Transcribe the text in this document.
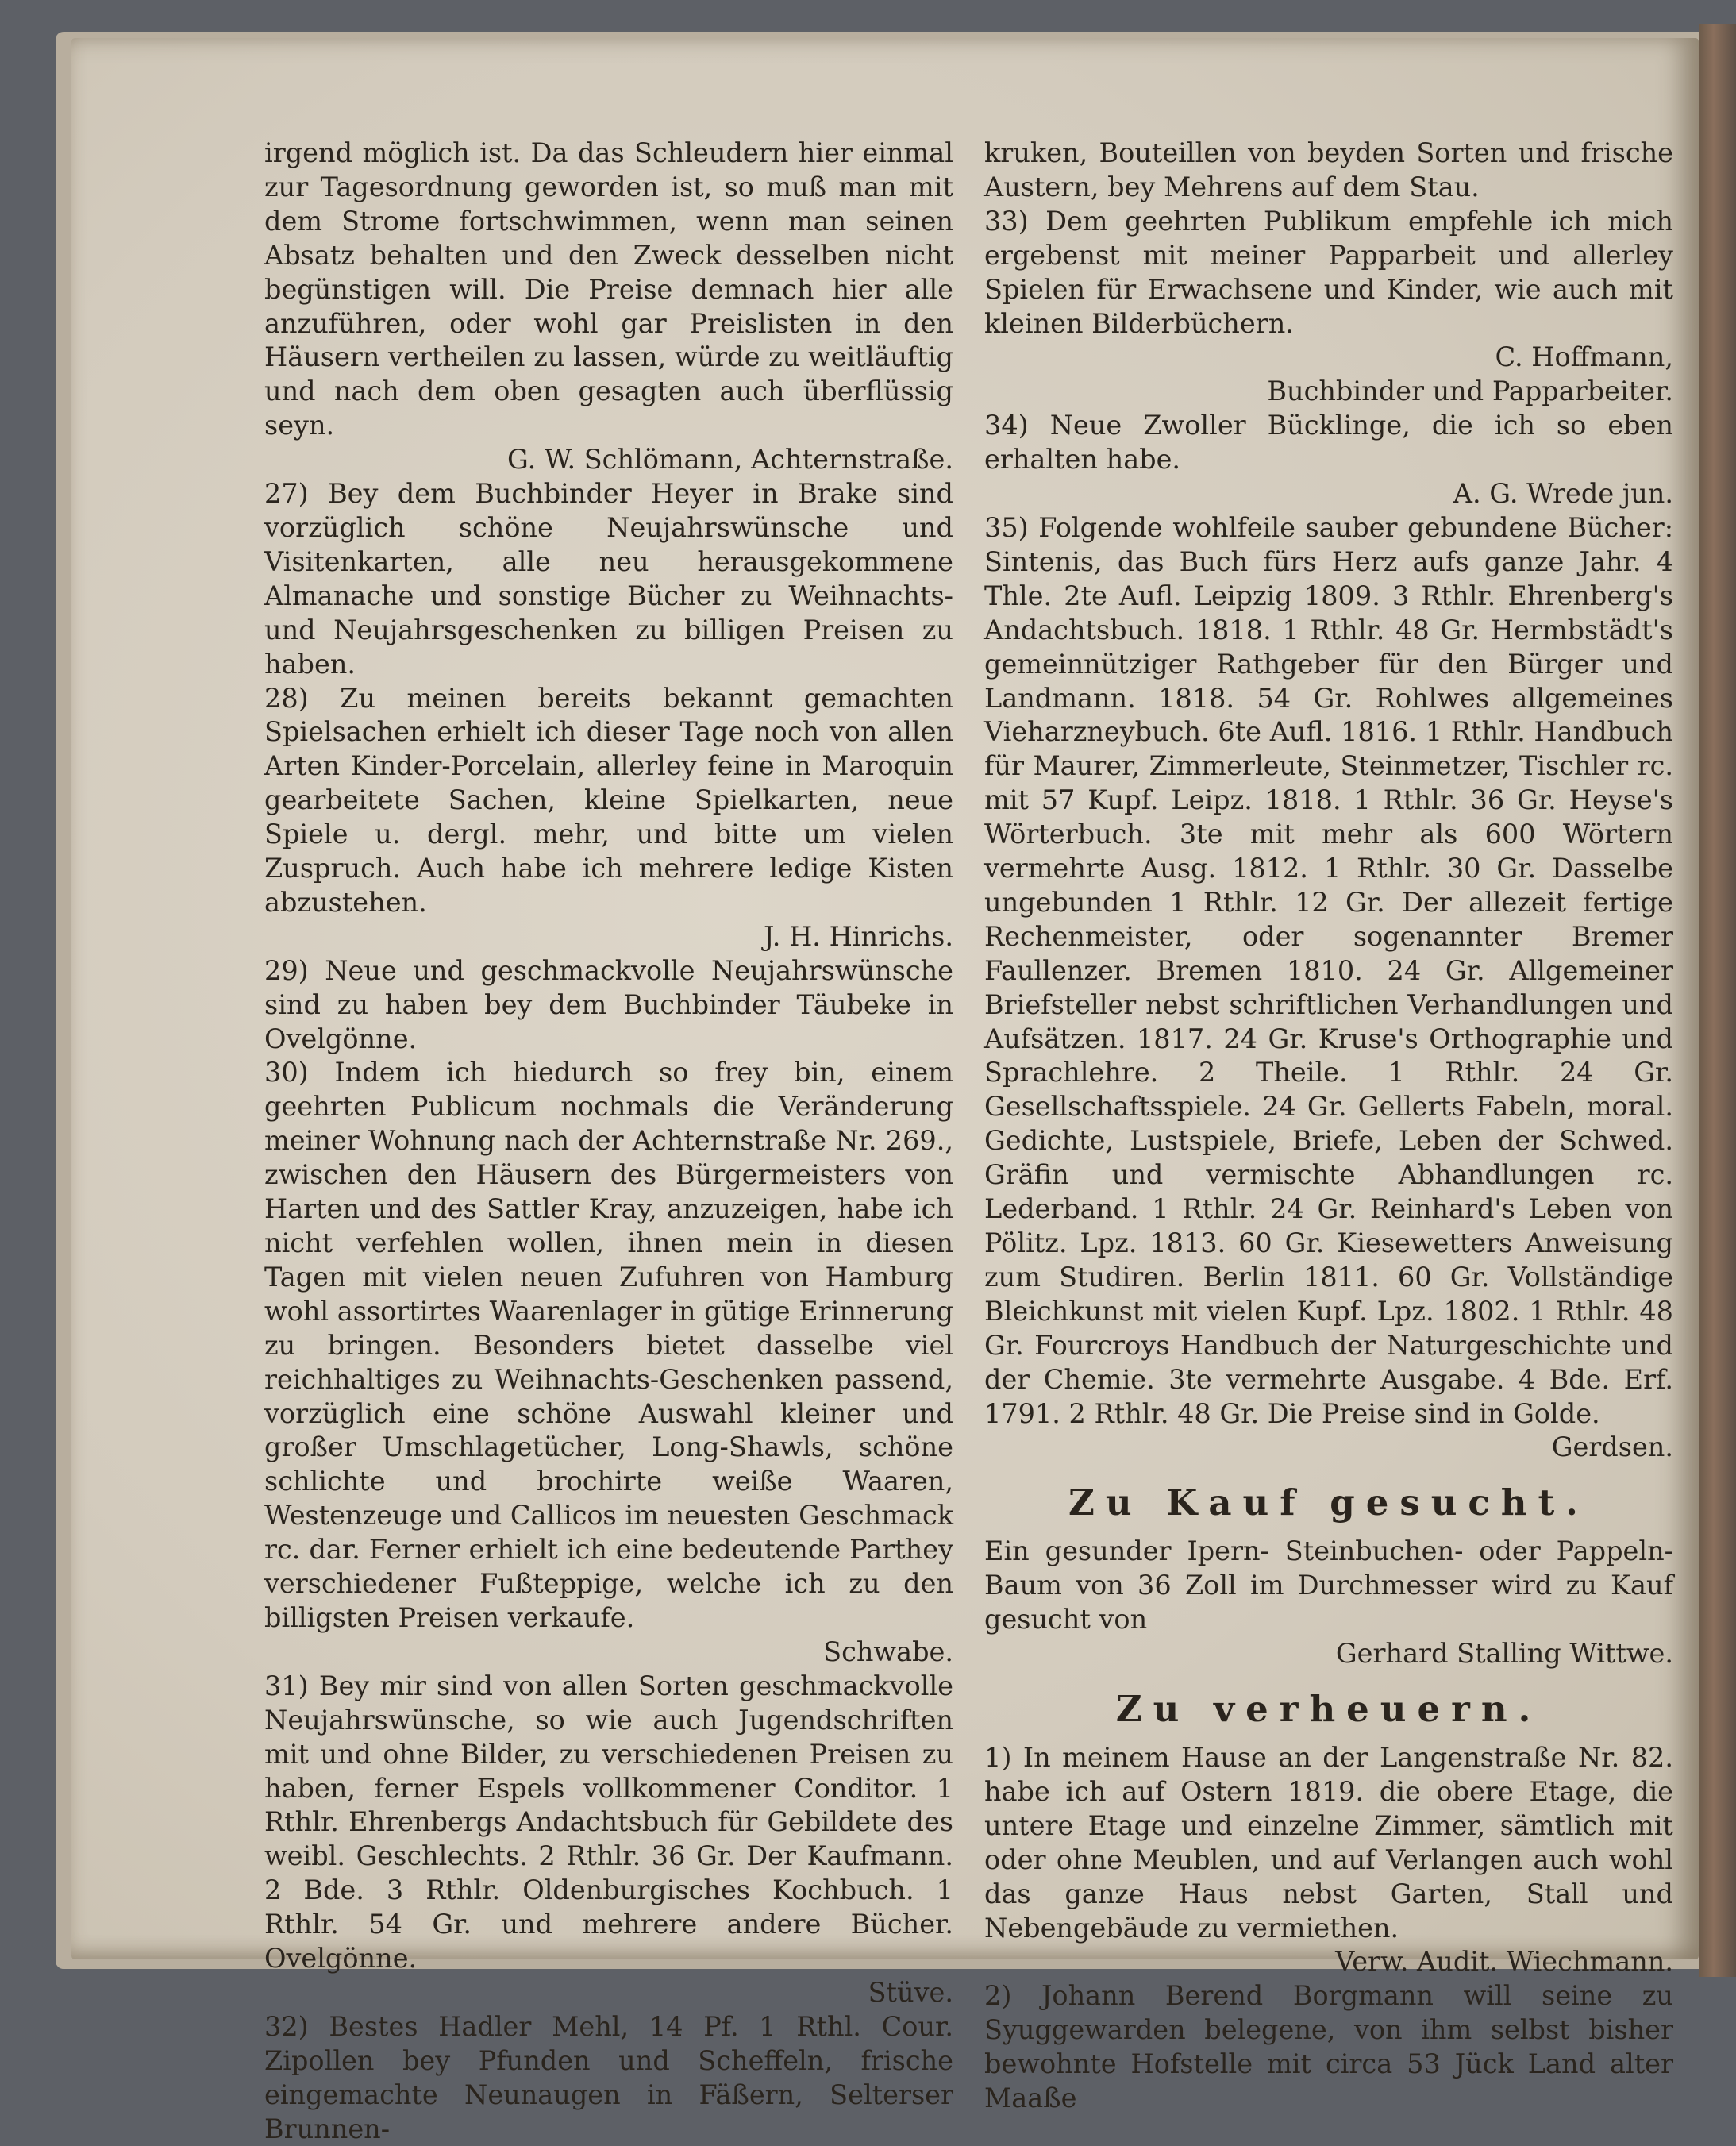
irgend möglich ist. Da das Schleudern hier einmal zur Tagesordnung geworden ist, so muß man mit dem Strome fortschwimmen, wenn man seinen Absatz behalten und den Zweck desselben nicht begünstigen will. Die Preise demnach hier alle anzuführen, oder wohl gar Preislisten in den Häusern vertheilen zu lassen, würde zu weitläuftig und nach dem oben gesagten auch überflüssig seyn.

G. W. Schlömann, Achternstraße.

27) Bey dem Buchbinder Heyer in Brake sind vorzüglich schöne Neujahrswünsche und Visitenkarten, alle neu herausgekommene Almanache und sonstige Bücher zu Weihnachts- und Neujahrsgeschenken zu billigen Preisen zu haben.

28) Zu meinen bereits bekannt gemachten Spielsachen erhielt ich dieser Tage noch von allen Arten Kinder-Porcelain, allerley feine in Maroquin gearbeitete Sachen, kleine Spielkarten, neue Spiele u. dergl. mehr, und bitte um vielen Zuspruch. Auch habe ich mehrere ledige Kisten abzustehen.

J. H. Hinrichs.

29) Neue und geschmackvolle Neujahrswünsche sind zu haben bey dem Buchbinder Täubeke in Ovelgönne.

30) Indem ich hiedurch so frey bin, einem geehrten Publicum nochmals die Veränderung meiner Wohnung nach der Achternstraße Nr. 269., zwischen den Häusern des Bürgermeisters von Harten und des Sattler Kray, anzuzeigen, habe ich nicht verfehlen wollen, ihnen mein in diesen Tagen mit vielen neuen Zufuhren von Hamburg wohl assortirtes Waarenlager in gütige Erinnerung zu bringen. Besonders bietet dasselbe viel reichhaltiges zu Weihnachts-Geschenken passend, vorzüglich eine schöne Auswahl kleiner und großer Umschlagetücher, Long-Shawls, schöne schlichte und brochirte weiße Waaren, Westenzeuge und Callicos im neuesten Geschmack rc. dar. Ferner erhielt ich eine bedeutende Parthey verschiedener Fußteppige, welche ich zu den billigsten Preisen verkaufe.

Schwabe.

31) Bey mir sind von allen Sorten geschmackvolle Neujahrswünsche, so wie auch Jugendschriften mit und ohne Bilder, zu verschiedenen Preisen zu haben, ferner Espels vollkommener Conditor. 1 Rthlr. Ehrenbergs Andachtsbuch für Gebildete des weibl. Geschlechts. 2 Rthlr. 36 Gr. Der Kaufmann. 2 Bde. 3 Rthlr. Oldenburgisches Kochbuch. 1 Rthlr. 54 Gr. und mehrere andere Bücher. Ovelgönne.

Stüve.

32) Bestes Hadler Mehl, 14 Pf. 1 Rthl. Cour. Zipollen bey Pfunden und Scheffeln, frische eingemachte Neunaugen in Fäßern, Selterser Brunnen-

kruken, Bouteillen von beyden Sorten und frische Austern, bey Mehrens auf dem Stau.

33) Dem geehrten Publikum empfehle ich mich ergebenst mit meiner Papparbeit und allerley Spielen für Erwachsene und Kinder, wie auch mit kleinen Bilderbüchern.

C. Hoffmann,

Buchbinder und Papparbeiter.

34) Neue Zwoller Bücklinge, die ich so eben erhalten habe.

A. G. Wrede jun.

35) Folgende wohlfeile sauber gebundene Bücher: Sintenis, das Buch fürs Herz aufs ganze Jahr. 4 Thle. 2te Aufl. Leipzig 1809. 3 Rthlr. Ehrenberg's Andachtsbuch. 1818. 1 Rthlr. 48 Gr. Hermbstädt's gemeinnütziger Rathgeber für den Bürger und Landmann. 1818. 54 Gr. Rohlwes allgemeines Vieharzneybuch. 6te Aufl. 1816. 1 Rthlr. Handbuch für Maurer, Zimmerleute, Steinmetzer, Tischler rc. mit 57 Kupf. Leipz. 1818. 1 Rthlr. 36 Gr. Heyse's Wörterbuch. 3te mit mehr als 600 Wörtern vermehrte Ausg. 1812. 1 Rthlr. 30 Gr. Dasselbe ungebunden 1 Rthlr. 12 Gr. Der allezeit fertige Rechenmeister, oder sogenannter Bremer Faullenzer. Bremen 1810. 24 Gr. Allgemeiner Briefsteller nebst schriftlichen Verhandlungen und Aufsätzen. 1817. 24 Gr. Kruse's Orthographie und Sprachlehre. 2 Theile. 1 Rthlr. 24 Gr. Gesellschaftsspiele. 24 Gr. Gellerts Fabeln, moral. Gedichte, Lustspiele, Briefe, Leben der Schwed. Gräfin und vermischte Abhandlungen rc. Lederband. 1 Rthlr. 24 Gr. Reinhard's Leben von Pölitz. Lpz. 1813. 60 Gr. Kiesewetters Anweisung zum Studiren. Berlin 1811. 60 Gr. Vollständige Bleichkunst mit vielen Kupf. Lpz. 1802. 1 Rthlr. 48 Gr. Fourcroys Handbuch der Naturgeschichte und der Chemie. 3te vermehrte Ausgabe. 4 Bde. Erf. 1791. 2 Rthlr. 48 Gr. Die Preise sind in Golde.

Gerdsen.

Zu Kauf gesucht.

Ein gesunder Ipern- Steinbuchen- oder Pappeln-Baum von 36 Zoll im Durchmesser wird zu Kauf gesucht von

Gerhard Stalling Wittwe.

Zu verheuern.

1) In meinem Hause an der Langenstraße Nr. 82. habe ich auf Ostern 1819. die obere Etage, die untere Etage und einzelne Zimmer, sämtlich mit oder ohne Meublen, und auf Verlangen auch wohl das ganze Haus nebst Garten, Stall und Nebengebäude zu vermiethen.

Verw. Audit. Wiechmann.

2) Johann Berend Borgmann will seine zu Syuggewarden belegene, von ihm selbst bisher bewohnte Hofstelle mit circa 53 Jück Land alter Maaße
